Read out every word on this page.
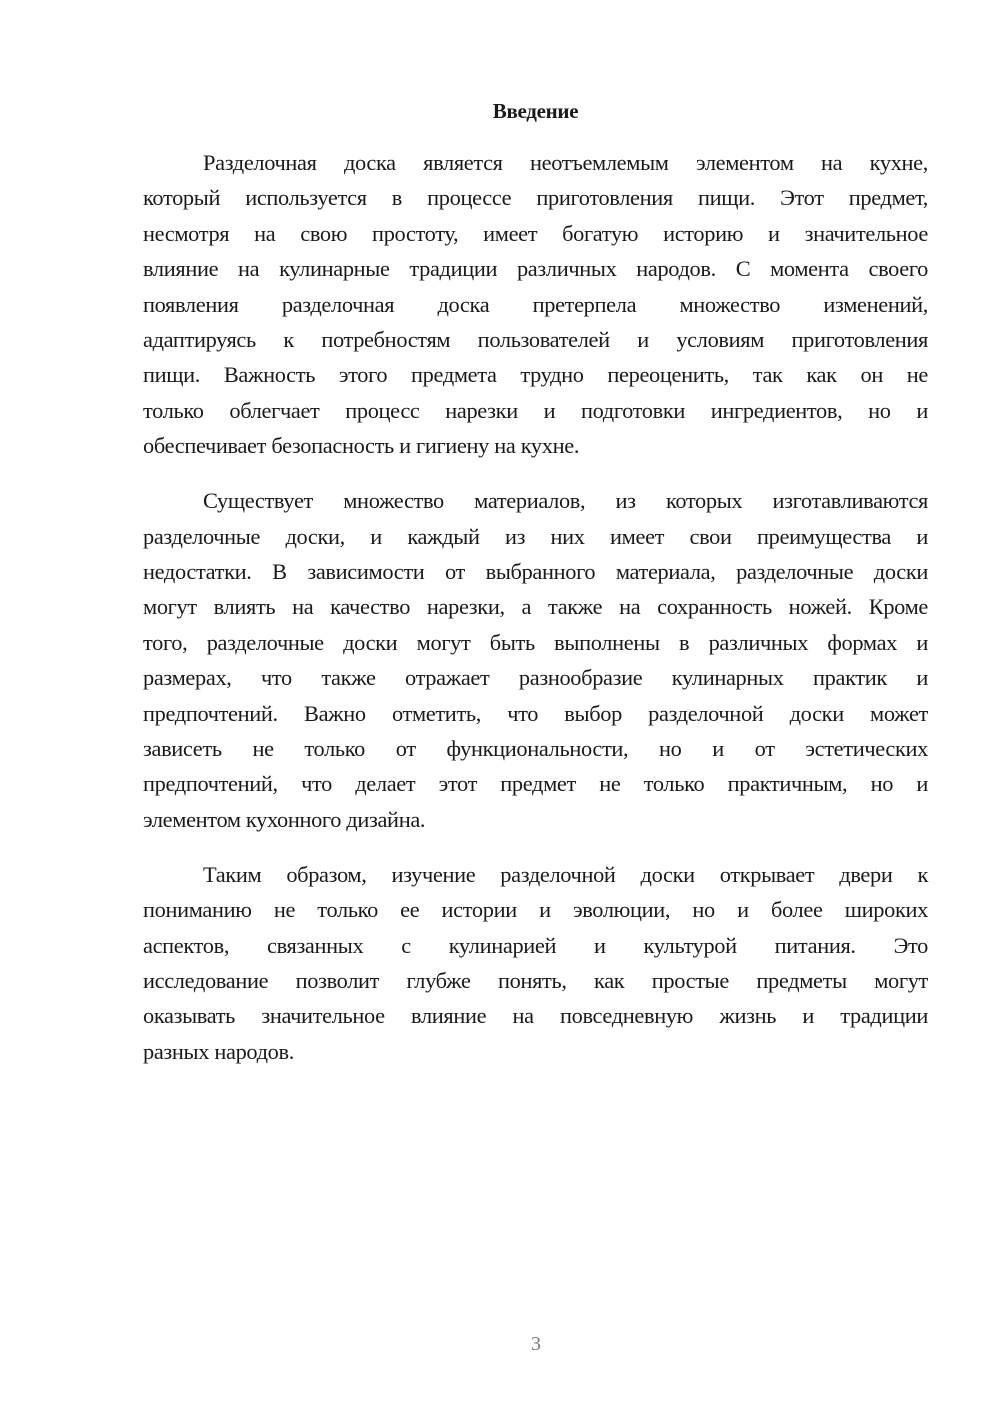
Введение
Разделочная доска является неотъемлемым элементом на кухне,
который используется в процессе приготовления пищи. Этот предмет,
несмотря на свою простоту, имеет богатую историю и значительное
влияние на кулинарные традиции различных народов. С момента своего
появления разделочная доска претерпела множество изменений,
адаптируясь к потребностям пользователей и условиям приготовления
пищи. Важность этого предмета трудно переоценить, так как он не
только облегчает процесс нарезки и подготовки ингредиентов, но и
обеспечивает безопасность и гигиену на кухне.
Существует множество материалов, из которых изготавливаются
разделочные доски, и каждый из них имеет свои преимущества и
недостатки. В зависимости от выбранного материала, разделочные доски
могут влиять на качество нарезки, а также на сохранность ножей. Кроме
того, разделочные доски могут быть выполнены в различных формах и
размерах, что также отражает разнообразие кулинарных практик и
предпочтений. Важно отметить, что выбор разделочной доски может
зависеть не только от функциональности, но и от эстетических
предпочтений, что делает этот предмет не только практичным, но и
элементом кухонного дизайна.
Таким образом, изучение разделочной доски открывает двери к
пониманию не только ее истории и эволюции, но и более широких
аспектов, связанных с кулинарией и культурой питания. Это
исследование позволит глубже понять, как простые предметы могут
оказывать значительное влияние на повседневную жизнь и традиции
разных народов.
3
